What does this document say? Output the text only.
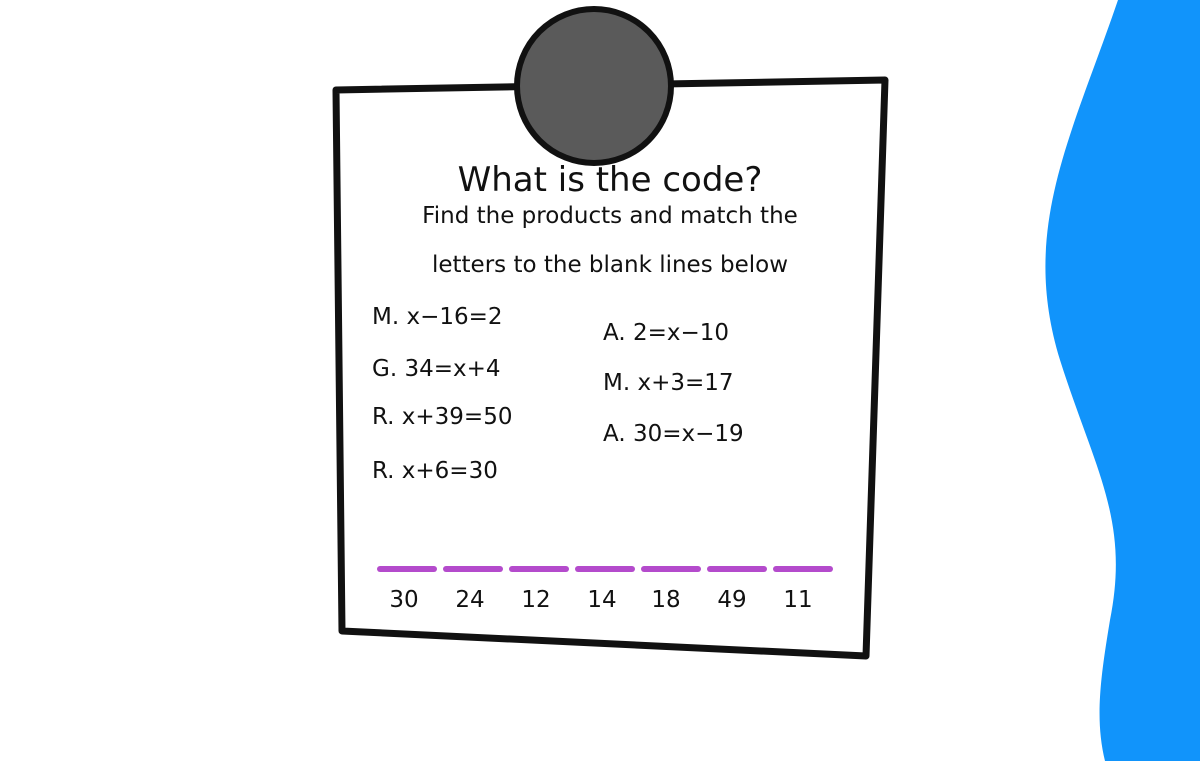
What is the code?
Find the products and match the
letters to the blank lines below
M. x−16=2
G. 34=x+4
R. x+39=50
R. x+6=30
A. 2=x−10
M. x+3=17
A. 30=x−19
30	24	12	14	18	49	11
